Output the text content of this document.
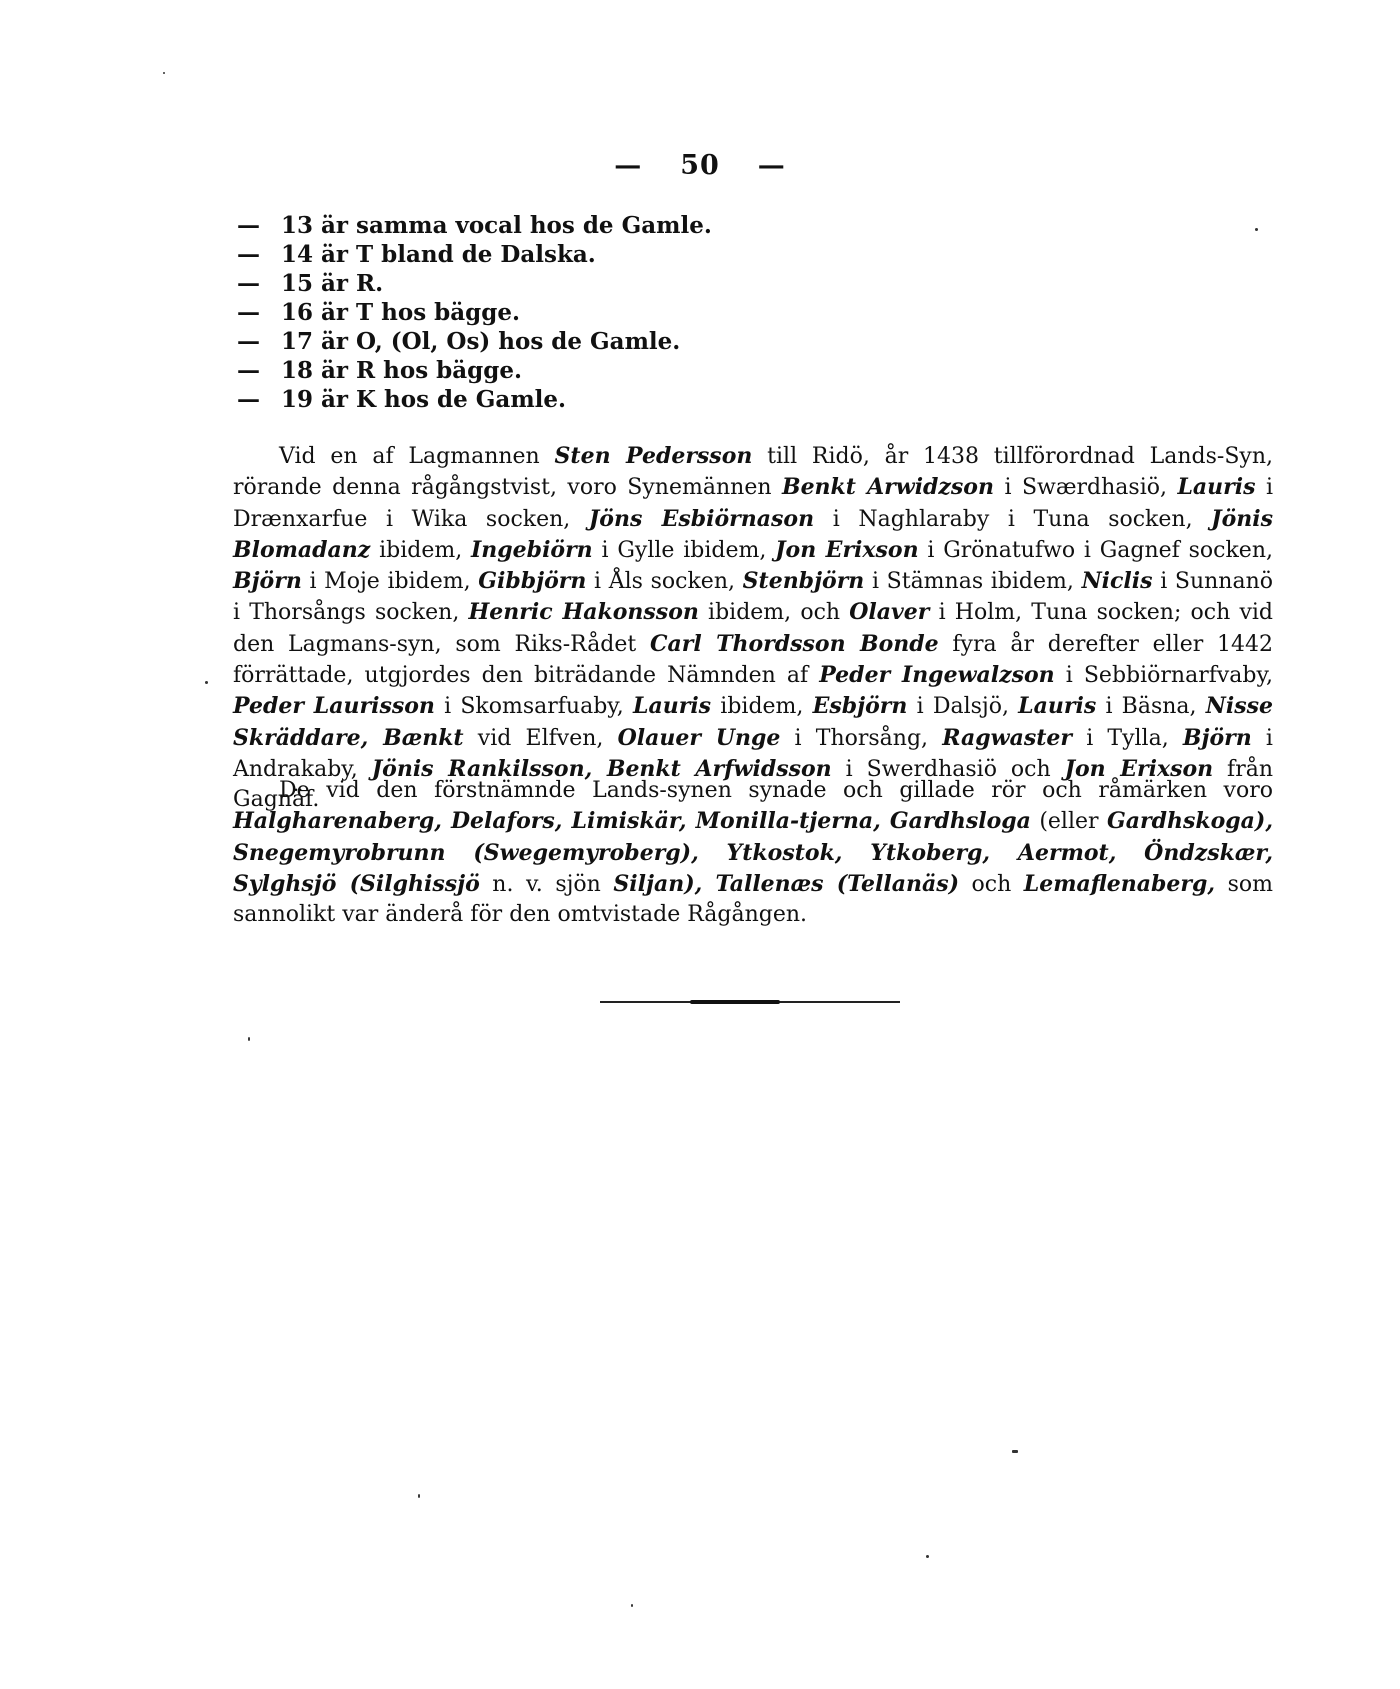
— 50 —
— 13 är samma vocal hos de Gamle.
— 14 är T bland de Dalska.
— 15 är R.
— 16 är T hos bägge.
— 17 är O, (Ol, Os) hos de Gamle.
— 18 är R hos bägge.
— 19 är K hos de Gamle.

Vid en af Lagmannen Sten Pedersson till Ridö, år 1438 tillförordnad Lands-Syn, rörande denna rågångstvist, voro Synemännen Benkt Arwidzson i Swærdhasiö, Lauris i Drænxarfue i Wika socken, Jöns Esbiörnason i Naghlaraby i Tuna socken, Jönis Blomadanz ibidem, Ingebiörn i Gylle ibidem, Jon Erixson i Grönatufwo i Gagnef socken, Björn i Moje ibidem, Gibbjörn i Åls socken, Stenbjörn i Stämnas ibidem, Niclis i Sunnanö i Thorsångs socken, Henric Hakonsson ibidem, och Olaver i Holm, Tuna socken; och vid den Lagmans-syn, som Riks-Rådet Carl Thordsson Bonde fyra år derefter eller 1442 förrättade, utgjordes den biträdande Nämnden af Peder Ingewalzson i Sebbiörnarfvaby, Peder Laurisson i Skomsarfuaby, Lauris ibidem, Esbjörn i Dalsjö, Lauris i Bäsna, Nisse Skräddare, Bænkt vid Elfven, Olauer Unge i Thorsång, Ragwaster i Tylla, Björn i Andrakaby, Jönis Rankilsson, Benkt Arfwidsson i Swerdhasiö och Jon Erixson från Gagnäf.

De vid den förstnämnde Lands-synen synade och gillade rör och råmärken voro Halgharenaberg, Delafors, Limiskär, Monilla-tjerna, Gardhsloga (eller Gardhskoga), Snegemyrobrunn (Swegemyroberg), Ytkostok, Ytkoberg, Aermot, Öndzskær, Sylghsjö (Silghissjö n. v. sjön Siljan), Tallenæs (Tellanäs) och Lemaflenaberg, som sannolikt var änderå för den omtvistade Rågången.
